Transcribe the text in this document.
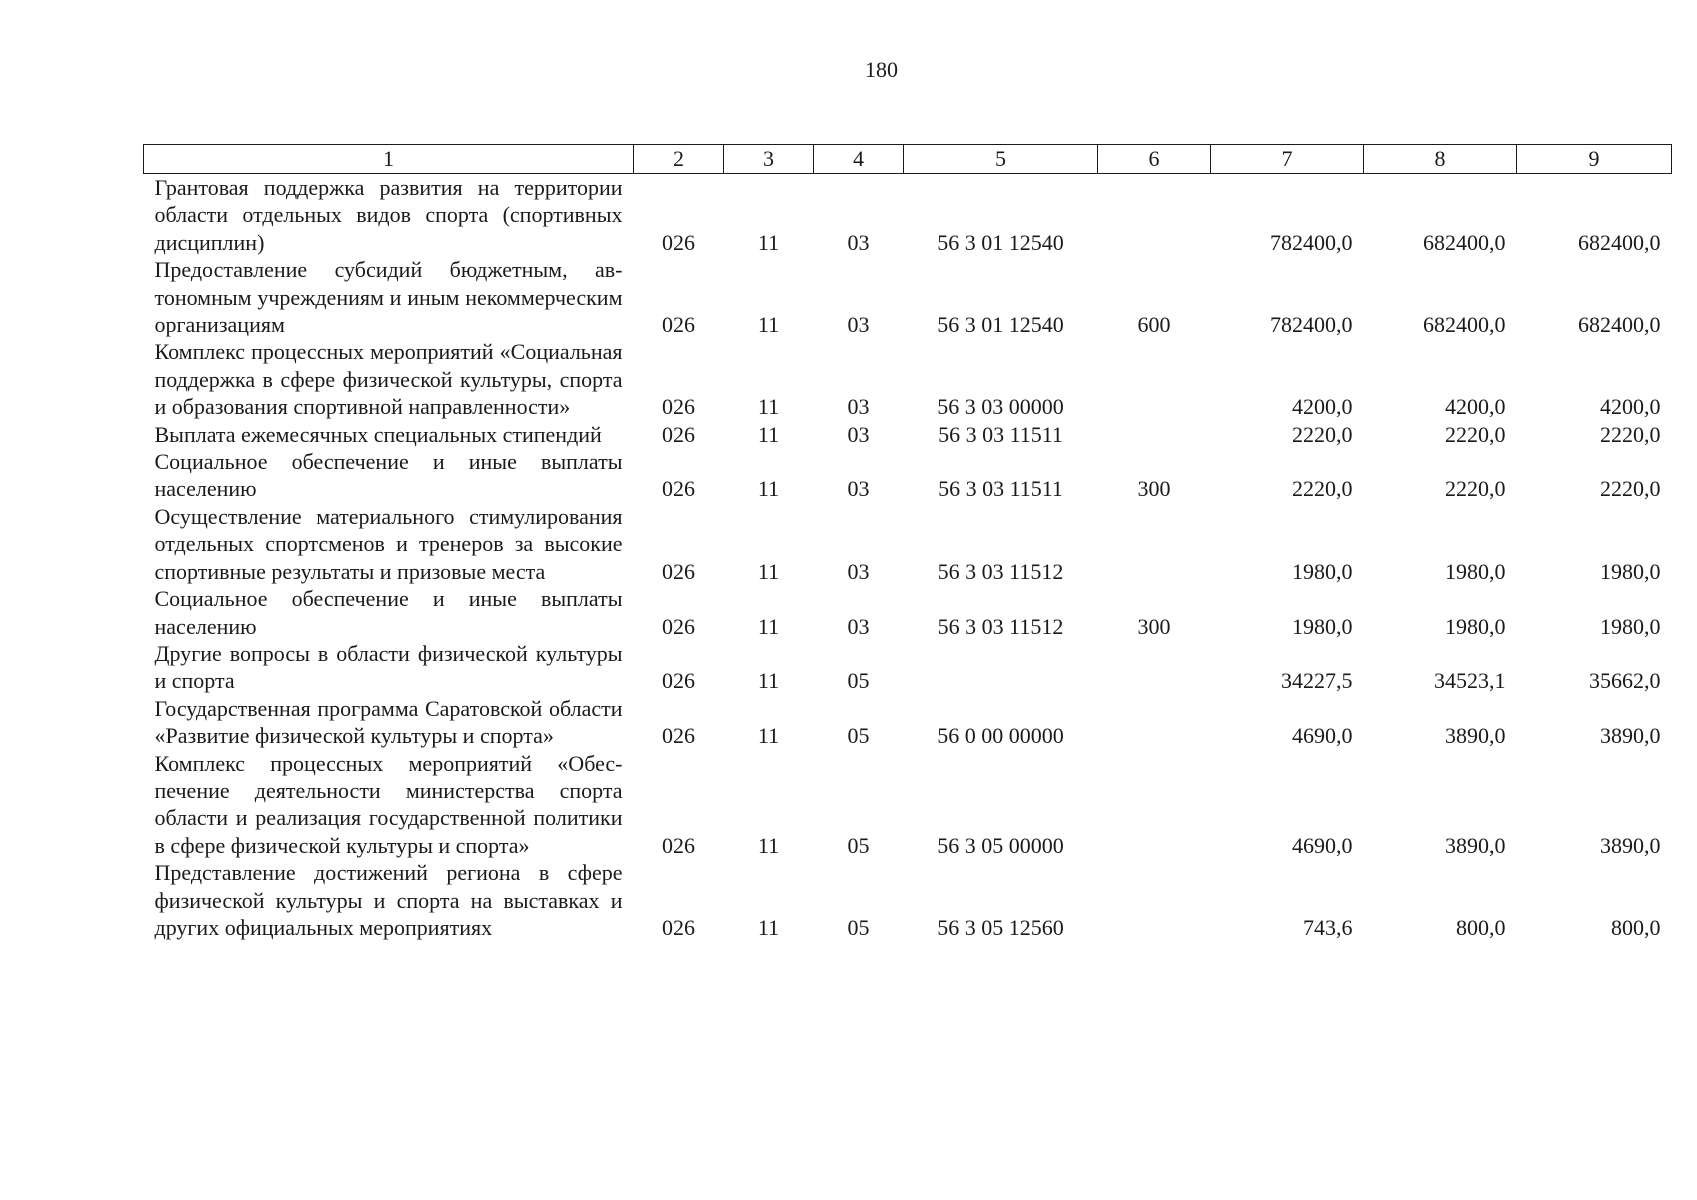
180
1	2	3	4	5	6	7	8	9
Грантовая поддержка развития на территории области отдельных видов спорта (спортивных дисциплин)	026	11	03	56 3 01 12540		782400,0	682400,0	682400,0
Предоставление субсидий бюджетным, автономным учреждениям и иным некоммерческим организациям	026	11	03	56 3 01 12540	600	782400,0	682400,0	682400,0
Комплекс процессных мероприятий «Социальная поддержка в сфере физической культуры, спорта и образования спортивной направленности»	026	11	03	56 3 03 00000		4200,0	4200,0	4200,0
Выплата ежемесячных специальных стипендий	026	11	03	56 3 03 11511		2220,0	2220,0	2220,0
Социальное обеспечение и иные выплаты населению	026	11	03	56 3 03 11511	300	2220,0	2220,0	2220,0
Осуществление материального стимулирования отдельных спортсменов и тренеров за высокие спортивные результаты и призовые места	026	11	03	56 3 03 11512		1980,0	1980,0	1980,0
Социальное обеспечение и иные выплаты населению	026	11	03	56 3 03 11512	300	1980,0	1980,0	1980,0
Другие вопросы в области физической культуры и спорта	026	11	05			34227,5	34523,1	35662,0
Государственная программа Саратовской области «Развитие физической культуры и спорта»	026	11	05	56 0 00 00000		4690,0	3890,0	3890,0
Комплекс процессных мероприятий «Обеспечение деятельности министерства спорта области и реализация государственной политики в сфере физической культуры и спорта»	026	11	05	56 3 05 00000		4690,0	3890,0	3890,0
Представление достижений региона в сфере физической культуры и спорта на выставках и других официальных мероприятиях	026	11	05	56 3 05 12560		743,6	800,0	800,0
